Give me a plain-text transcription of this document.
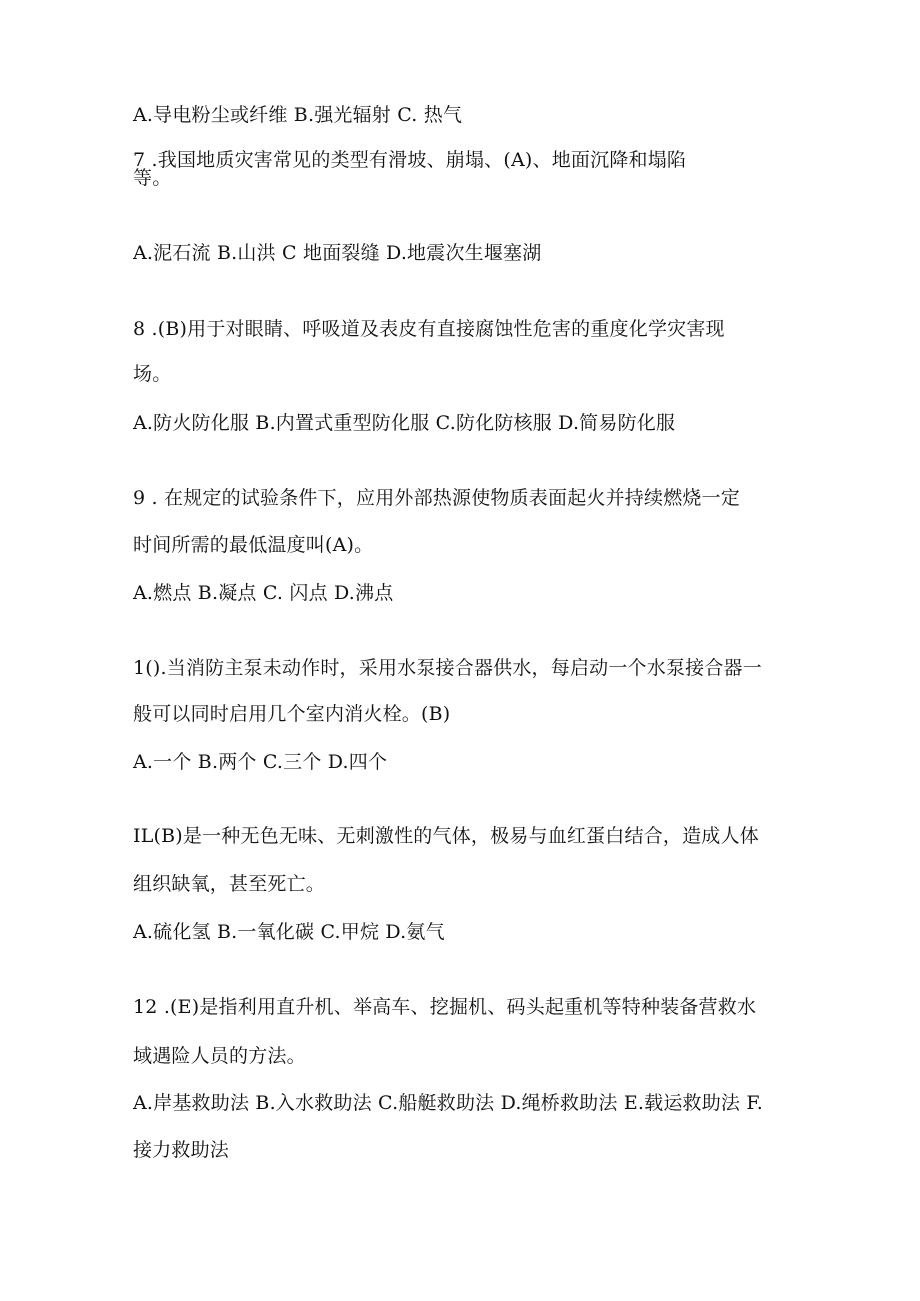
A.导电粉尘或纤维 B.强光辐射 C. 热气
7 .我国地质灾害常见的类型有滑坡、崩塌、(A)、地面沉降和塌陷
等。
A.泥石流 B.山洪 C 地面裂缝 D.地震次生堰塞湖
8 .(B)用于对眼睛、呼吸道及表皮有直接腐蚀性危害的重度化学灾害现
场。
A.防火防化服 B.内置式重型防化服 C.防化防核服 D.简易防化服
9 . 在规定的试验条件下，应用外部热源使物质表面起火并持续燃烧一定
时间所需的最低温度叫(A)。
A.燃点 B.凝点 C. 闪点 D.沸点
1().当消防主泵未动作时，采用水泵接合器供水，每启动一个水泵接合器一
般可以同时启用几个室内消火栓。(B)
A.一个 B.两个 C.三个 D.四个
IL(B)是一种无色无味、无刺激性的气体，极易与血红蛋白结合，造成人体
组织缺氧，甚至死亡。
A.硫化氢 B.一氧化碳 C.甲烷 D.氨气
12 .(E)是指利用直升机、举高车、挖掘机、码头起重机等特种装备营救水
域遇险人员的方法。
A.岸基救助法 B.入水救助法 C.船艇救助法 D.绳桥救助法 E.载运救助法 F.
接力救助法
